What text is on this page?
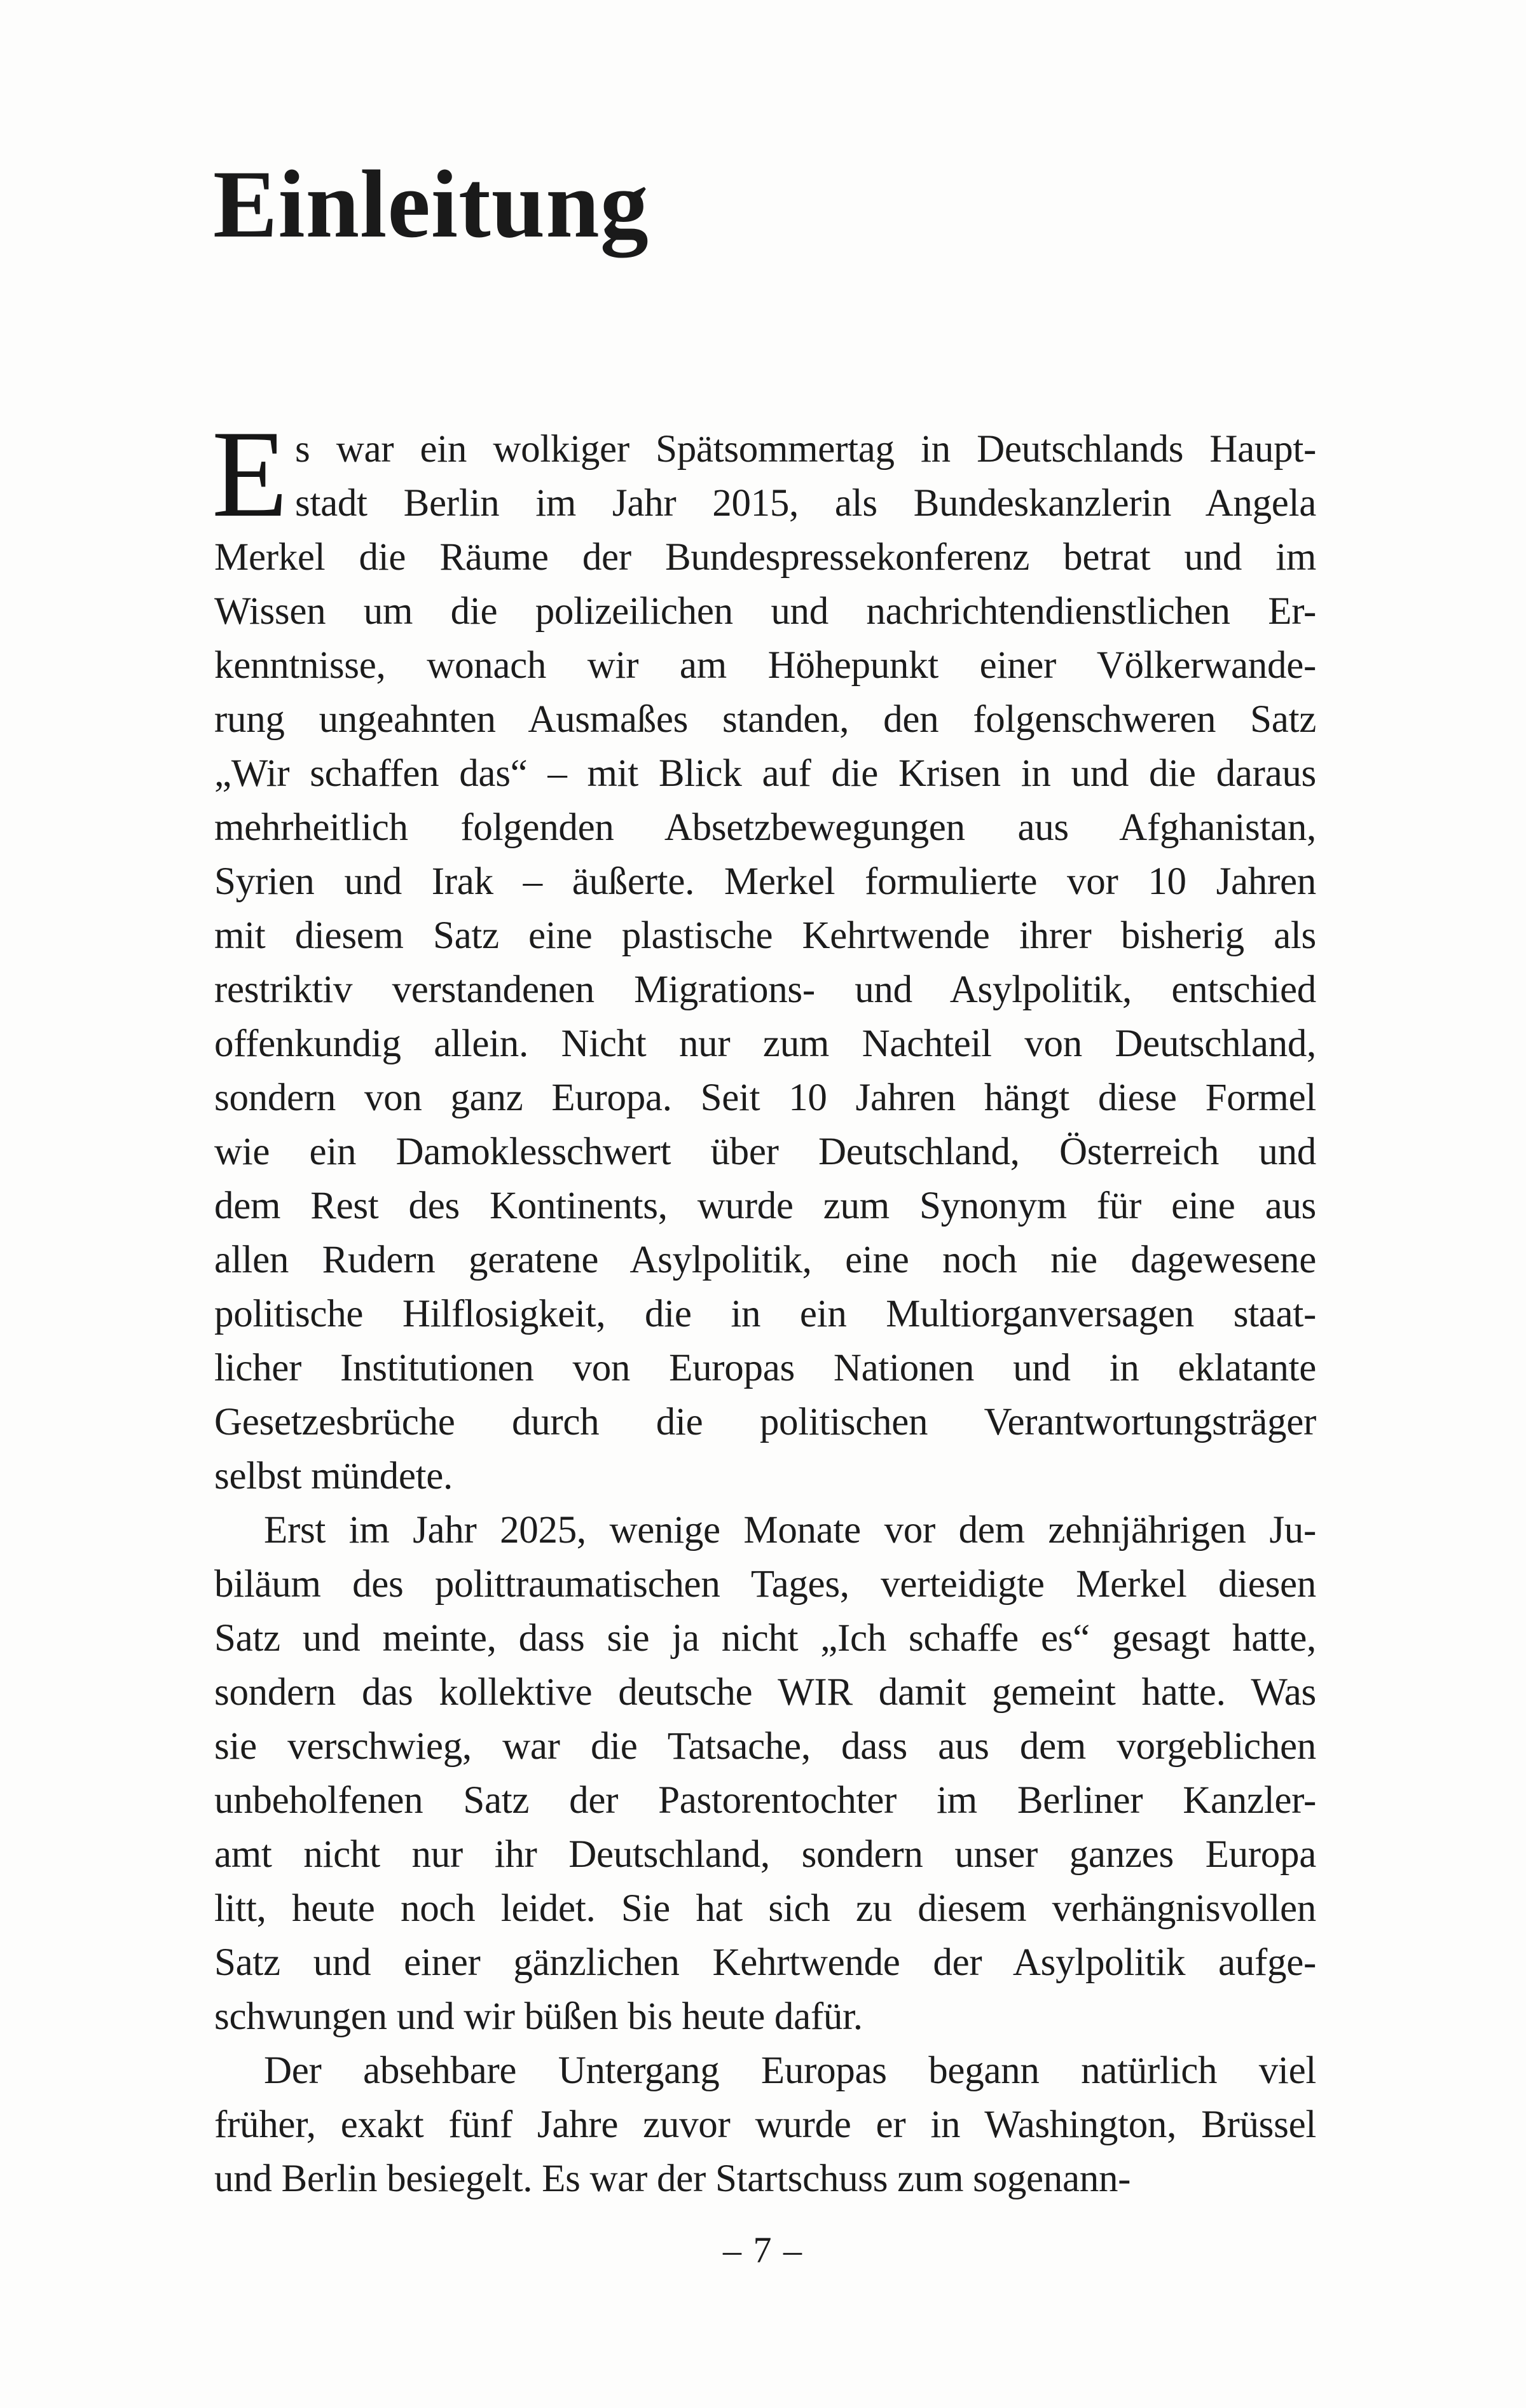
Einleitung
E s war ein wolkiger Spätsommertag in Deutschlands Haupt-
stadt Berlin im Jahr 2015, als Bundeskanzlerin Angela
Merkel die Räume der Bundespressekonferenz betrat und im
Wissen um die polizeilichen und nachrichtendienstlichen Er-
kenntnisse, wonach wir am Höhepunkt einer Völkerwande-
rung ungeahnten Ausmaßes standen, den folgenschweren Satz
„Wir schaffen das“ – mit Blick auf die Krisen in und die daraus
mehrheitlich folgenden Absetzbewegungen aus Afghanistan,
Syrien und Irak – äußerte. Merkel formulierte vor 10 Jahren
mit diesem Satz eine plastische Kehrtwende ihrer bisherig als
restriktiv verstandenen Migrations- und Asylpolitik, entschied
offenkundig allein. Nicht nur zum Nachteil von Deutschland,
sondern von ganz Europa. Seit 10 Jahren hängt diese Formel
wie ein Damoklesschwert über Deutschland, Österreich und
dem Rest des Kontinents, wurde zum Synonym für eine aus
allen Rudern geratene Asylpolitik, eine noch nie dagewesene
politische Hilflosigkeit, die in ein Multiorganversagen staat-
licher Institutionen von Europas Nationen und in eklatante
Gesetzesbrüche durch die politischen Verantwortungsträger
selbst mündete.
Erst im Jahr 2025, wenige Monate vor dem zehnjährigen Ju-
biläum des polittraumatischen Tages, verteidigte Merkel diesen
Satz und meinte, dass sie ja nicht „Ich schaffe es“ gesagt hatte,
sondern das kollektive deutsche WIR damit gemeint hatte. Was
sie verschwieg, war die Tatsache, dass aus dem vorgeblichen
unbeholfenen Satz der Pastorentochter im Berliner Kanzler-
amt nicht nur ihr Deutschland, sondern unser ganzes Europa
litt, heute noch leidet. Sie hat sich zu diesem verhängnisvollen
Satz und einer gänzlichen Kehrtwende der Asylpolitik aufge-
schwungen und wir büßen bis heute dafür.
Der absehbare Untergang Europas begann natürlich viel
früher, exakt fünf Jahre zuvor wurde er in Washington, Brüssel
und Berlin besiegelt. Es war der Startschuss zum sogenann-
– 7 –
